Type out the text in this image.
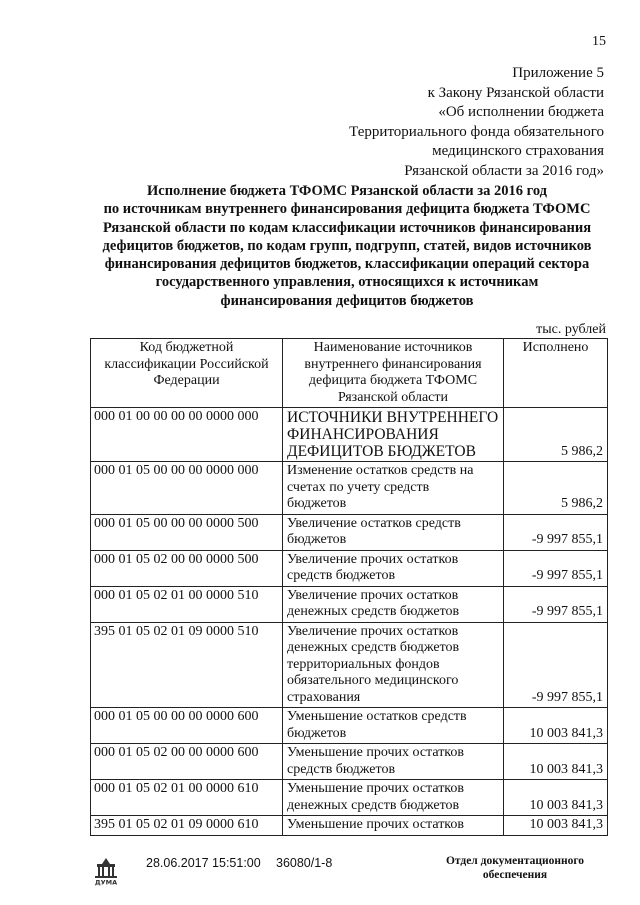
15
Приложение 5
к Закону Рязанской области
«Об исполнении бюджета
Территориального фонда обязательного
медицинского страхования
Рязанской области за 2016 год»
Исполнение бюджета ТФОМС Рязанской области за 2016 год
по источникам внутреннего финансирования дефицита бюджета ТФОМС
Рязанской области по кодам классификации источников финансирования
дефицитов бюджетов, по кодам групп, подгрупп, статей, видов источников
финансирования дефицитов бюджетов, классификации операций сектора
государственного управления, относящихся к источникам
финансирования дефицитов бюджетов
тыс. рублей
Код бюджетной
классификации Российской
Федерации	Наименование источников
внутреннего финансирования
дефицита бюджета ТФОМС
Рязанской области	Исполнено
000 01 00 00 00 00 0000 000	ИСТОЧНИКИ ВНУТРЕННЕГО
ФИНАНСИРОВАНИЯ
ДЕФИЦИТОВ БЮДЖЕТОВ	5 986,2
000 01 05 00 00 00 0000 000	Изменение остатков средств на
счетах по учету средств
бюджетов	5 986,2
000 01 05 00 00 00 0000 500	Увеличение остатков средств
бюджетов	-9 997 855,1
000 01 05 02 00 00 0000 500	Увеличение прочих остатков
средств бюджетов	-9 997 855,1
000 01 05 02 01 00 0000 510	Увеличение прочих остатков
денежных средств бюджетов	-9 997 855,1
395 01 05 02 01 09 0000 510	Увеличение прочих остатков
денежных средств бюджетов
территориальных фондов
обязательного медицинского
страхования	-9 997 855,1
000 01 05 00 00 00 0000 600	Уменьшение остатков средств
бюджетов	10 003 841,3
000 01 05 02 00 00 0000 600	Уменьшение прочих остатков
средств бюджетов	10 003 841,3
000 01 05 02 01 00 0000 610	Уменьшение прочих остатков
денежных средств бюджетов	10 003 841,3
395 01 05 02 01 09 0000 610	Уменьшение прочих остатков	10 003 841,3
ДУМА
28.06.2017 15:51:00 36080/1-8	Отдел документационного
обеспечения
